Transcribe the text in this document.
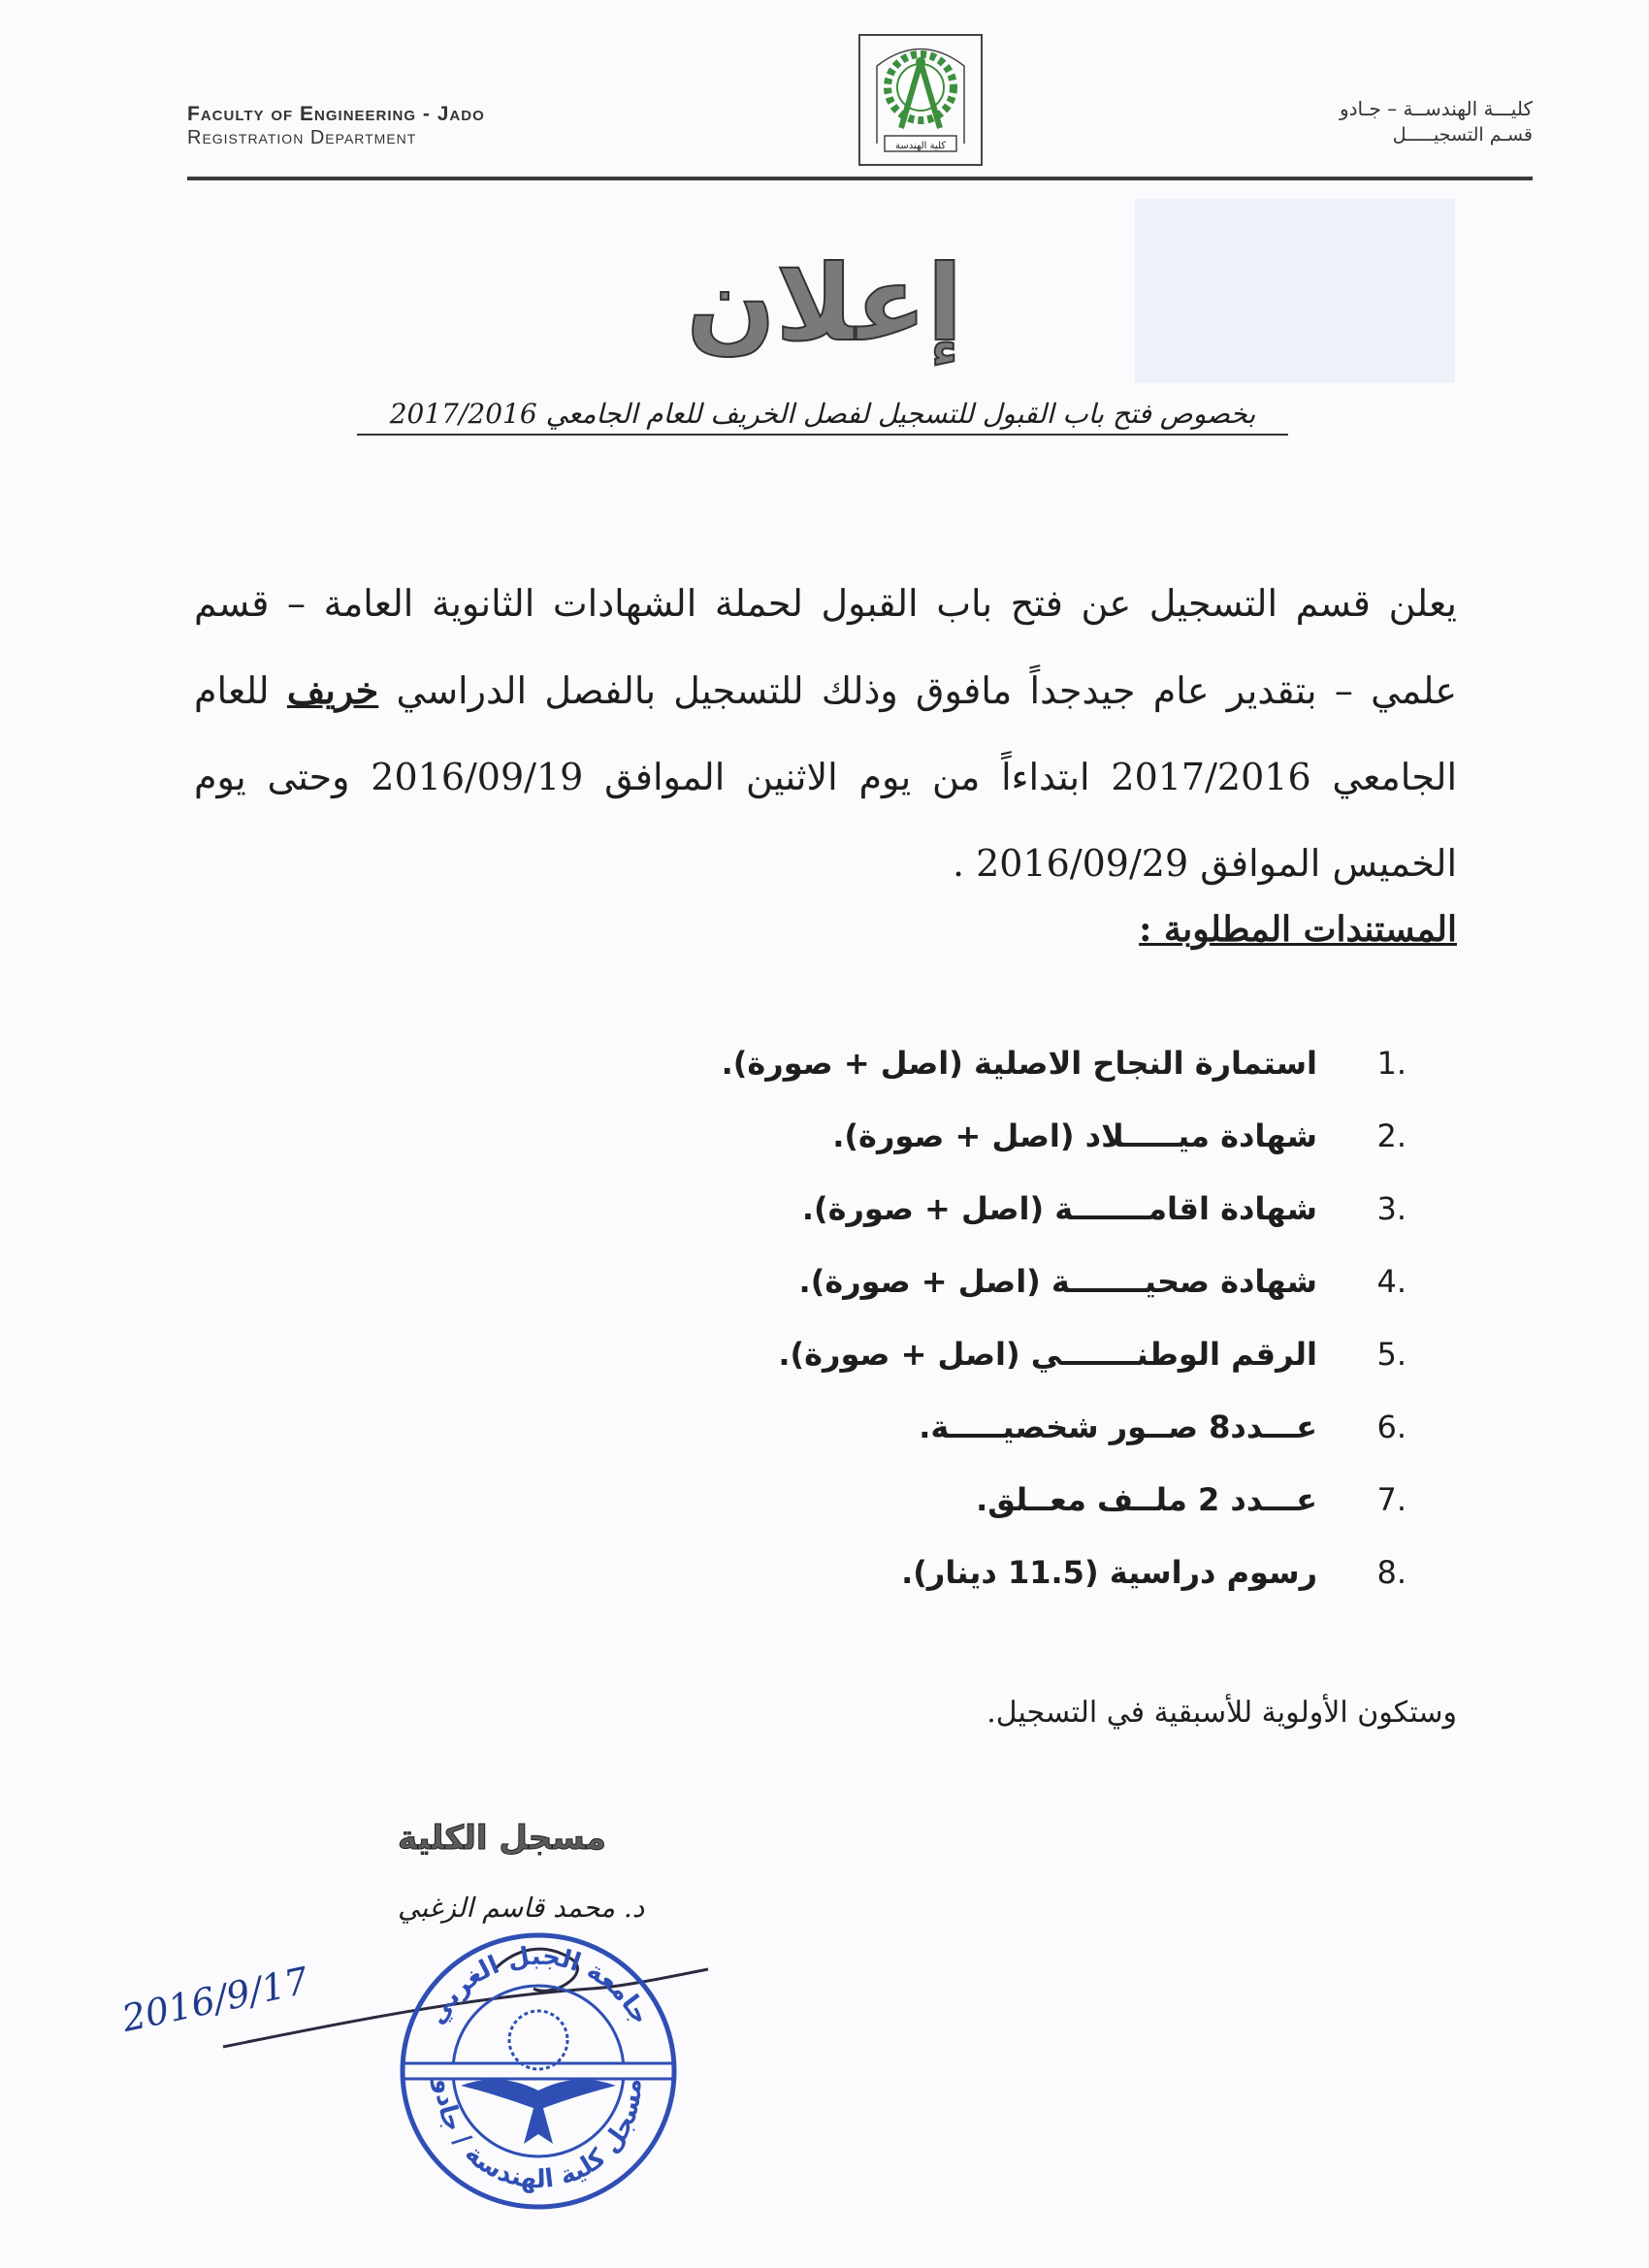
Faculty of Engineering - Jado
Registration Department	كلية الهندسة
كليـــة الهندســة – جـادو
قسـم التسجيـــــل
إعلان
بخصوص فتح باب القبول للتسجيل لفصل الخريف للعام الجامعي 2017/2016
يعلن قسم التسجيل عن فتح باب القبول لحملة الشهادات الثانوية العامة – قسم علمي – بتقدير عام جيدجداً مافوق وذلك للتسجيل بالفصل الدراسي خريف للعام الجامعي 2017/2016 ابتداءاً من يوم الاثنين الموافق 2016/09/19 وحتى يوم الخميس الموافق 2016/09/29 .
المستندات المطلوبة :
1.
استمارة النجاح الاصلية (اصل + صورة).
2.
شهادة ميـــــلاد (اصل + صورة).
3.
شهادة اقامـــــــة (اصل + صورة).
4.
شهادة صحيـــــــة (اصل + صورة).
5.
الرقم الوطنـــــــي (اصل + صورة).
6.
عـــدد8 صــور شخصيـــــة.
7.
عـــدد 2 ملــف معــلق.
8.
رسوم دراسية (11.5 دينار).
وستكون الأولوية للأسبقية في التسجيل.
مسجل الكلية
د. محمد قاسم الزغبي
2016/9/17	جامعة الجبل الغربي
مسجل كلية الهندسة / جادو
